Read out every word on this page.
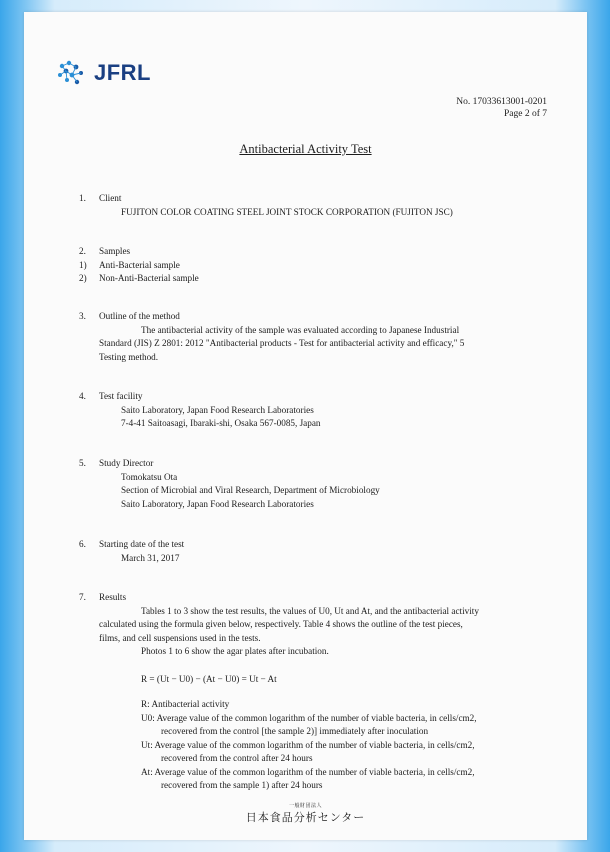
JFRL
No. 17033613001-0201
Page 2 of 7
Antibacterial Activity Test
1.	Client
FUJITON COLOR COATING STEEL JOINT STOCK CORPORATION (FUJITON JSC)
2.	Samples
1)	Anti-Bacterial sample
2)	Non-Anti-Bacterial sample
3.	Outline of the method
The antibacterial activity of the sample was evaluated according to Japanese Industrial
Standard (JIS) Z 2801: 2012 "Antibacterial products - Test for antibacterial activity and efficacy," 5
Testing method.
4.	Test facility
Saito Laboratory, Japan Food Research Laboratories
7-4-41 Saitoasagi, Ibaraki-shi, Osaka 567-0085, Japan
5.	Study Director
Tomokatsu Ota
Section of Microbial and Viral Research, Department of Microbiology
Saito Laboratory, Japan Food Research Laboratories
6.	Starting date of the test
March 31, 2017
7.	Results
Tables 1 to 3 show the test results, the values of U0, Ut and At, and the antibacterial activity
calculated using the formula given below, respectively. Table 4 shows the outline of the test pieces,
films, and cell suspensions used in the tests.
Photos 1 to 6 show the agar plates after incubation.
R = (Ut − U0) − (At − U0) = Ut − At
R: Antibacterial activity
U0: Average value of the common logarithm of the number of viable bacteria, in cells/cm2,
recovered from the control [the sample 2)] immediately after inoculation
Ut: Average value of the common logarithm of the number of viable bacteria, in cells/cm2,
recovered from the control after 24 hours
At: Average value of the common logarithm of the number of viable bacteria, in cells/cm2,
recovered from the sample 1) after 24 hours
一般財団法人
日本食品分析センター
